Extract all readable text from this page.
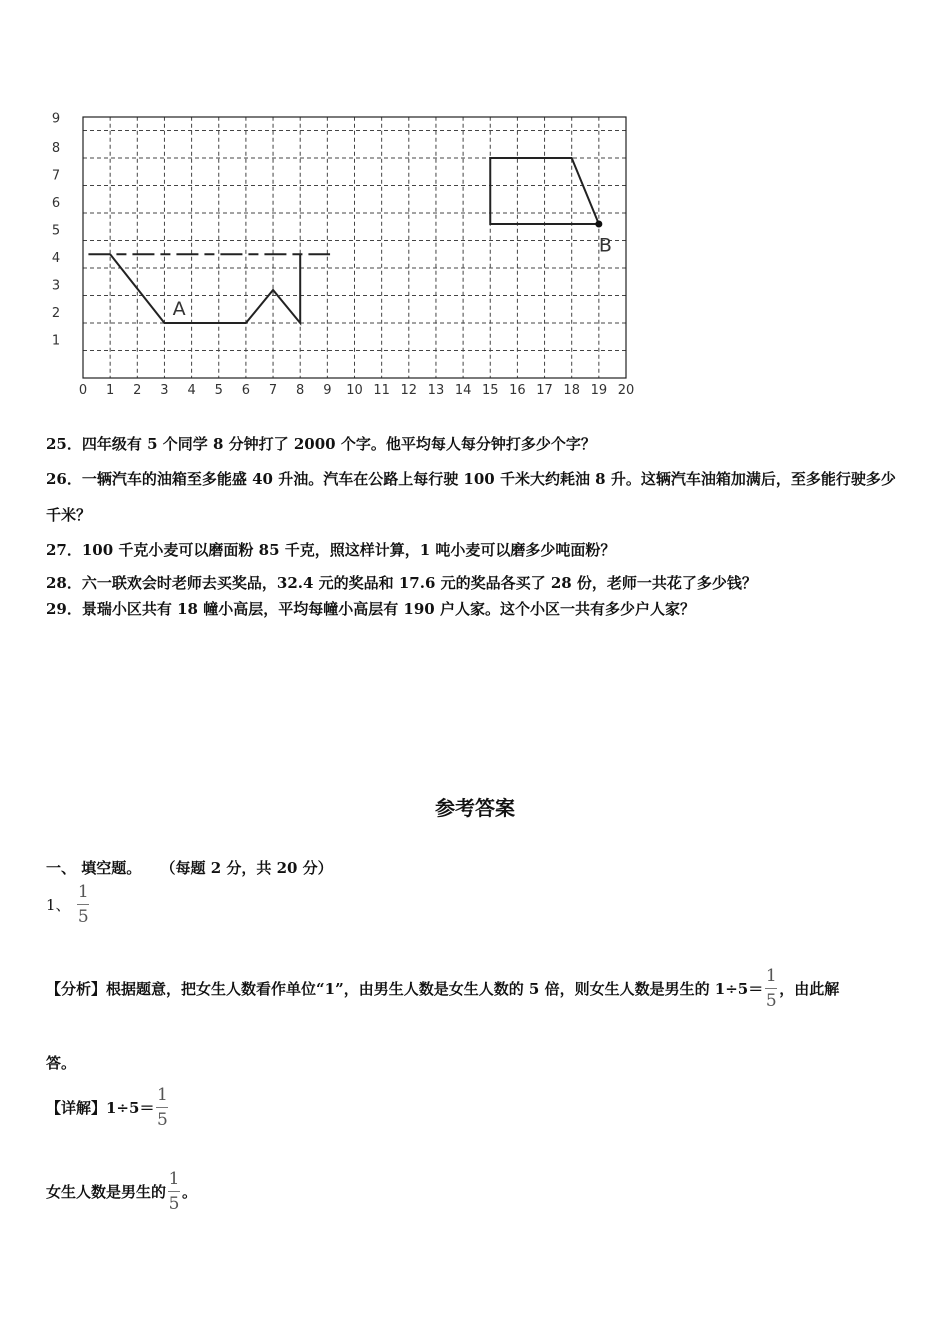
0 1 2 3 4 5 6 7 8 9 10 11 12 13 14 15 16 17 18 19 20
1
2
3
4
5
6
7
8
9
A
B
25．四年级有 5 个同学 8 分钟打了 2000 个字。他平均每人每分钟打多少个字？
26．一辆汽车的油箱至多能盛 40 升油。汽车在公路上每行驶 100 千米大约耗油 8 升。这辆汽车油箱加满后，至多能行驶多少千米？
27．100 千克小麦可以磨面粉 85 千克，照这样计算，1 吨小麦可以磨多少吨面粉？
28．六一联欢会时老师去买奖品，32.4 元的奖品和 17.6 元的奖品各买了 28 份，老师一共花了多少钱？
29．景瑞小区共有 18 幢小高层，平均每幢小高层有 190 户人家。这个小区一共有多少户人家？
参考答案
一、 填空题。 （每题 2 分，共 20 分）
1、 $\frac{1}{5}$
【分析】根据题意，把女生人数看作单位“1”，由男生人数是女生人数的 5 倍，则女生人数是男生的 $1\div 5= \frac{1}{5}$ ，由此解
答。
【详解】$1\div 5= \frac{1}{5}$
女生人数是男生的 $\frac{1}{5}$ 。
